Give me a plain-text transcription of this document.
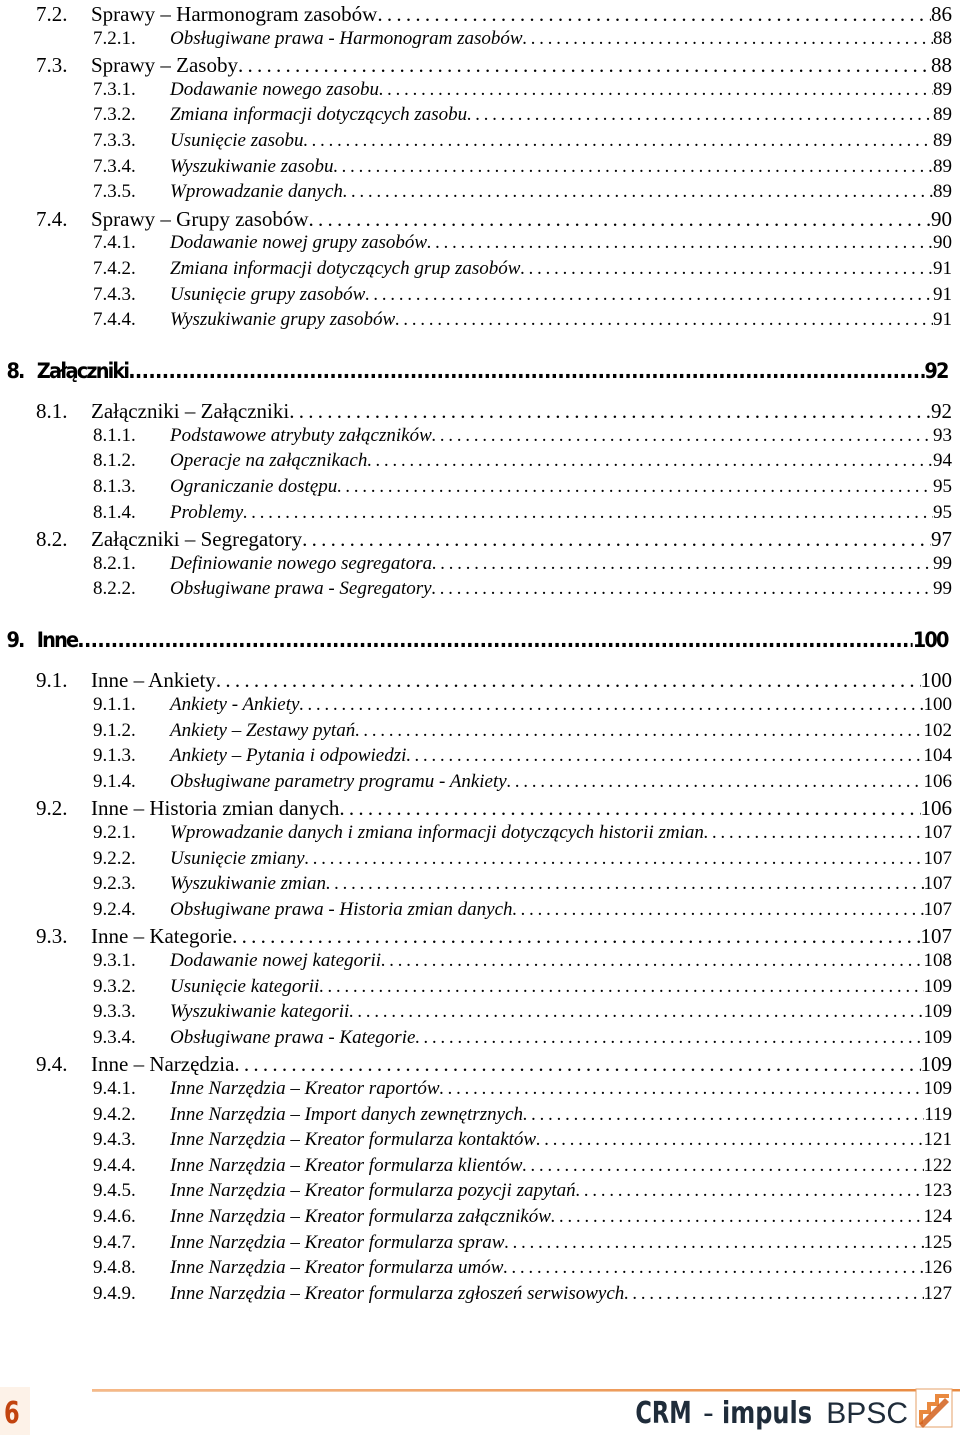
7.2. Sprawy – Harmonogram zasobów . . .	86
7.2.1. Obsługiwane prawa - Harmonogram zasobów . . .	88
7.3. Sprawy – Zasoby . . .	88
7.3.1. Dodawanie nowego zasobu . . .	89
7.3.2. Zmiana informacji dotyczących zasobu . . .	89
7.3.3. Usunięcie zasobu . . .	89
7.3.4. Wyszukiwanie zasobu . . .	89
7.3.5. Wprowadzanie danych . . .	89
7.4. Sprawy – Grupy zasobów . . .	90
7.4.1. Dodawanie nowej grupy zasobów . . .	90
7.4.2. Zmiana informacji dotyczących grup zasobów . . .	91
7.4.3. Usunięcie grupy zasobów . . .	91
7.4.4. Wyszukiwanie grupy zasobów . . .	91
8. Załączniki . . .	92
8.1. Załączniki – Załączniki . . .	92
8.1.1. Podstawowe atrybuty załączników . . .	93
8.1.2. Operacje na załącznikach . . .	94
8.1.3. Ograniczanie dostępu . . .	95
8.1.4. Problemy . . .	95
8.2. Załączniki – Segregatory . . .	97
8.2.1. Definiowanie nowego segregatora . . .	99
8.2.2. Obsługiwane prawa - Segregatory . . .	99
9. Inne . . .	100
9.1. Inne – Ankiety . . .	100
9.1.1. Ankiety - Ankiety . . .	100
9.1.2. Ankiety – Zestawy pytań . . .	102
9.1.3. Ankiety – Pytania i odpowiedzi . . .	104
9.1.4. Obsługiwane parametry programu - Ankiety . . .	106
9.2. Inne – Historia zmian danych . . .	106
9.2.1. Wprowadzanie danych i zmiana informacji dotyczących historii zmian . . .	107
9.2.2. Usunięcie zmiany . . .	107
9.2.3. Wyszukiwanie zmian . . .	107
9.2.4. Obsługiwane prawa - Historia zmian danych . . .	107
9.3. Inne – Kategorie . . .	107
9.3.1. Dodawanie nowej kategorii . . .	108
9.3.2. Usunięcie kategorii . . .	109
9.3.3. Wyszukiwanie kategorii . . .	109
9.3.4. Obsługiwane prawa - Kategorie . . .	109
9.4. Inne – Narzędzia . . .	109
9.4.1. Inne Narzędzia – Kreator raportów . . .	109
9.4.2. Inne Narzędzia – Import danych zewnętrznych . . .	119
9.4.3. Inne Narzędzia – Kreator formularza kontaktów . . .	121
9.4.4. Inne Narzędzia – Kreator formularza klientów . . .	122
9.4.5. Inne Narzędzia – Kreator formularza pozycji zapytań . . .	123
9.4.6. Inne Narzędzia – Kreator formularza załączników . . .	124
9.4.7. Inne Narzędzia – Kreator formularza spraw . . .	125
9.4.8. Inne Narzędzia – Kreator formularza umów . . .	126
9.4.9. Inne Narzędzia – Kreator formularza zgłoszeń serwisowych . . .	127
6	CRM - impuls BPSC
